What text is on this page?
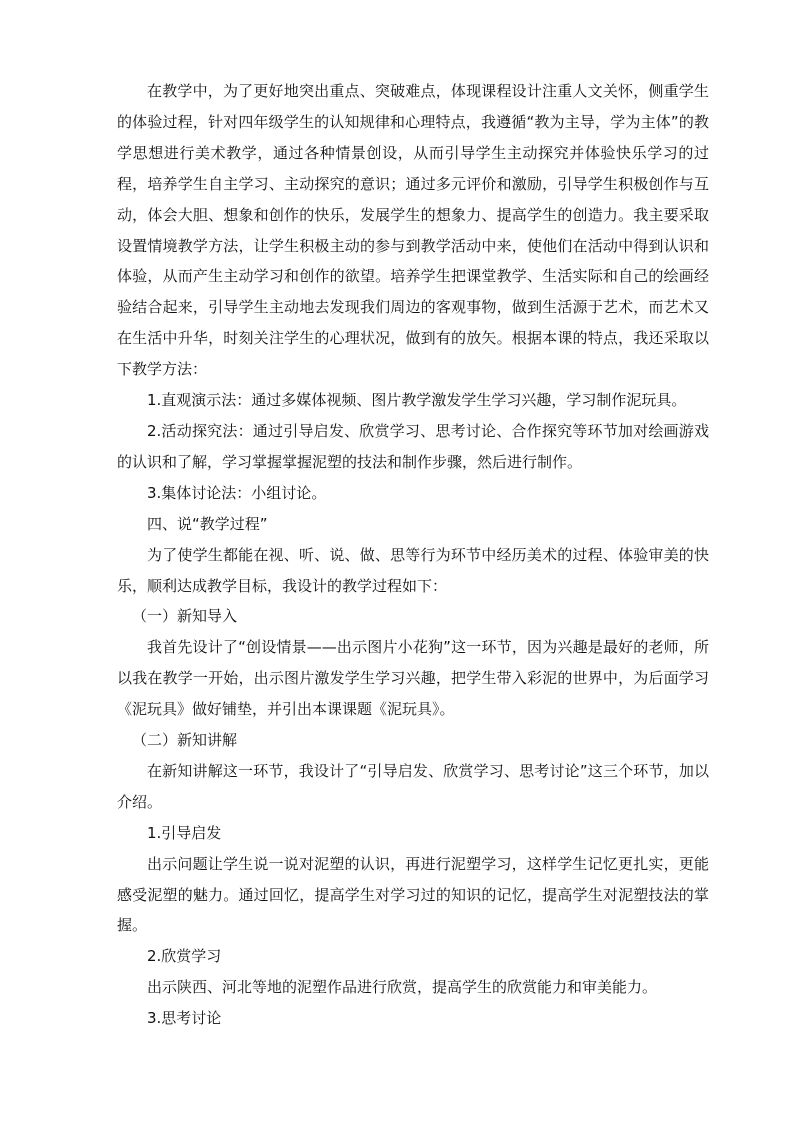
在教学中，为了更好地突出重点、突破难点，体现课程设计注重人文关怀，侧重学生的体验过程，针对四年级学生的认知规律和心理特点，我遵循“教为主导，学为主体”的教学思想进行美术教学，通过各种情景创设，从而引导学生主动探究并体验快乐学习的过程，培养学生自主学习、主动探究的意识；通过多元评价和激励，引导学生积极创作与互动，体会大胆、想象和创作的快乐，发展学生的想象力、提高学生的创造力。我主要采取设置情境教学方法，让学生积极主动的参与到教学活动中来，使他们在活动中得到认识和体验，从而产生主动学习和创作的欲望。培养学生把课堂教学、生活实际和自己的绘画经验结合起来，引导学生主动地去发现我们周边的客观事物，做到生活源于艺术，而艺术又在生活中升华，时刻关注学生的心理状况，做到有的放矢。根据本课的特点，我还采取以下教学方法：

1.直观演示法：通过多媒体视频、图片教学激发学生学习兴趣，学习制作泥玩具。

2.活动探究法：通过引导启发、欣赏学习、思考讨论、合作探究等环节加对绘画游戏的认识和了解，学习掌握掌握泥塑的技法和制作步骤，然后进行制作。

3.集体讨论法：小组讨论。

四、说“教学过程”

为了使学生都能在视、听、说、做、思等行为环节中经历美术的过程、体验审美的快乐，顺利达成教学目标，我设计的教学过程如下：

（一）新知导入

我首先设计了“创设情景——出示图片小花狗”这一环节，因为兴趣是最好的老师，所以我在教学一开始，出示图片激发学生学习兴趣，把学生带入彩泥的世界中，为后面学习《泥玩具》做好铺垫，并引出本课课题《泥玩具》。

（二）新知讲解

在新知讲解这一环节，我设计了“引导启发、欣赏学习、思考讨论”这三个环节，加以介绍。

1.引导启发

出示问题让学生说一说对泥塑的认识，再进行泥塑学习，这样学生记忆更扎实，更能感受泥塑的魅力。通过回忆，提高学生对学习过的知识的记忆，提高学生对泥塑技法的掌握。

2.欣赏学习

出示陕西、河北等地的泥塑作品进行欣赏，提高学生的欣赏能力和审美能力。

3.思考讨论
